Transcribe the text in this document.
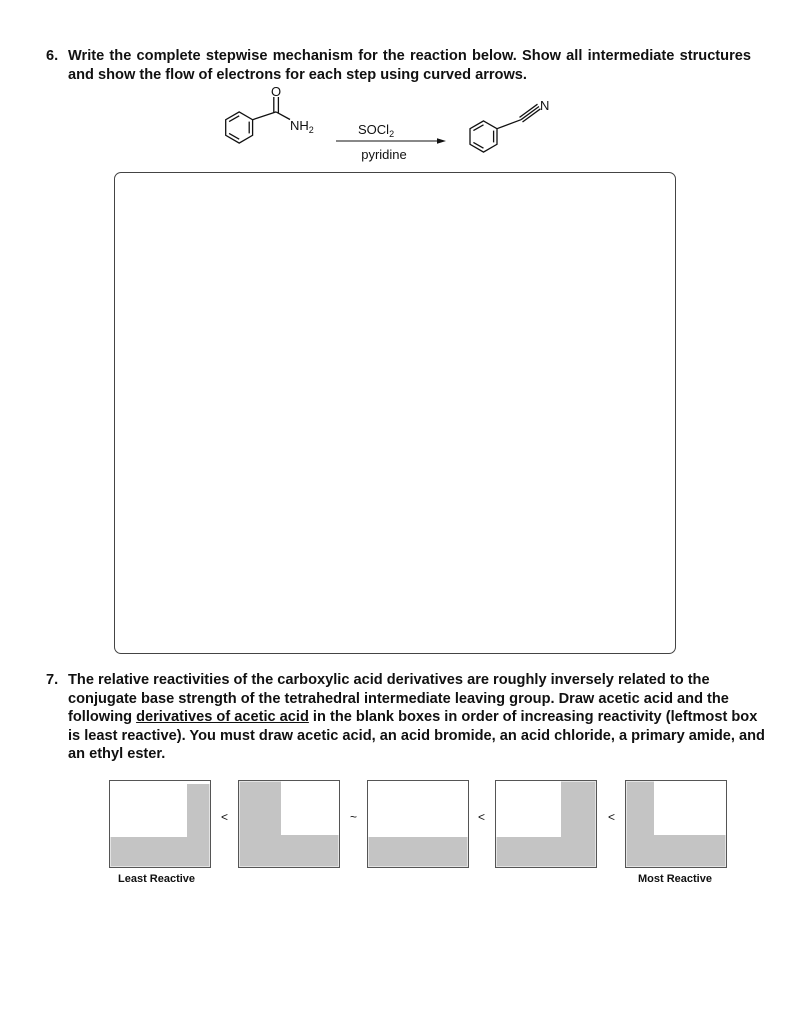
6. Write the complete stepwise mechanism for the reaction below. Show all intermediate structures and show the flow of electrons for each step using curved arrows.
O
$NH_2$	SOCl$_2$
pyridine
N
7. The relative reactivities of the carboxylic acid derivatives are roughly inversely related to the conjugate base strength of the tetrahedral intermediate leaving group. Draw acetic acid and the following derivatives of acetic acid in the blank boxes in order of increasing reactivity (leftmost box is least reactive). You must draw acetic acid, an acid bromide, an acid chloride, a primary amide, and an ethyl ester.
<	~	<	<
Least Reactive	Most Reactive
